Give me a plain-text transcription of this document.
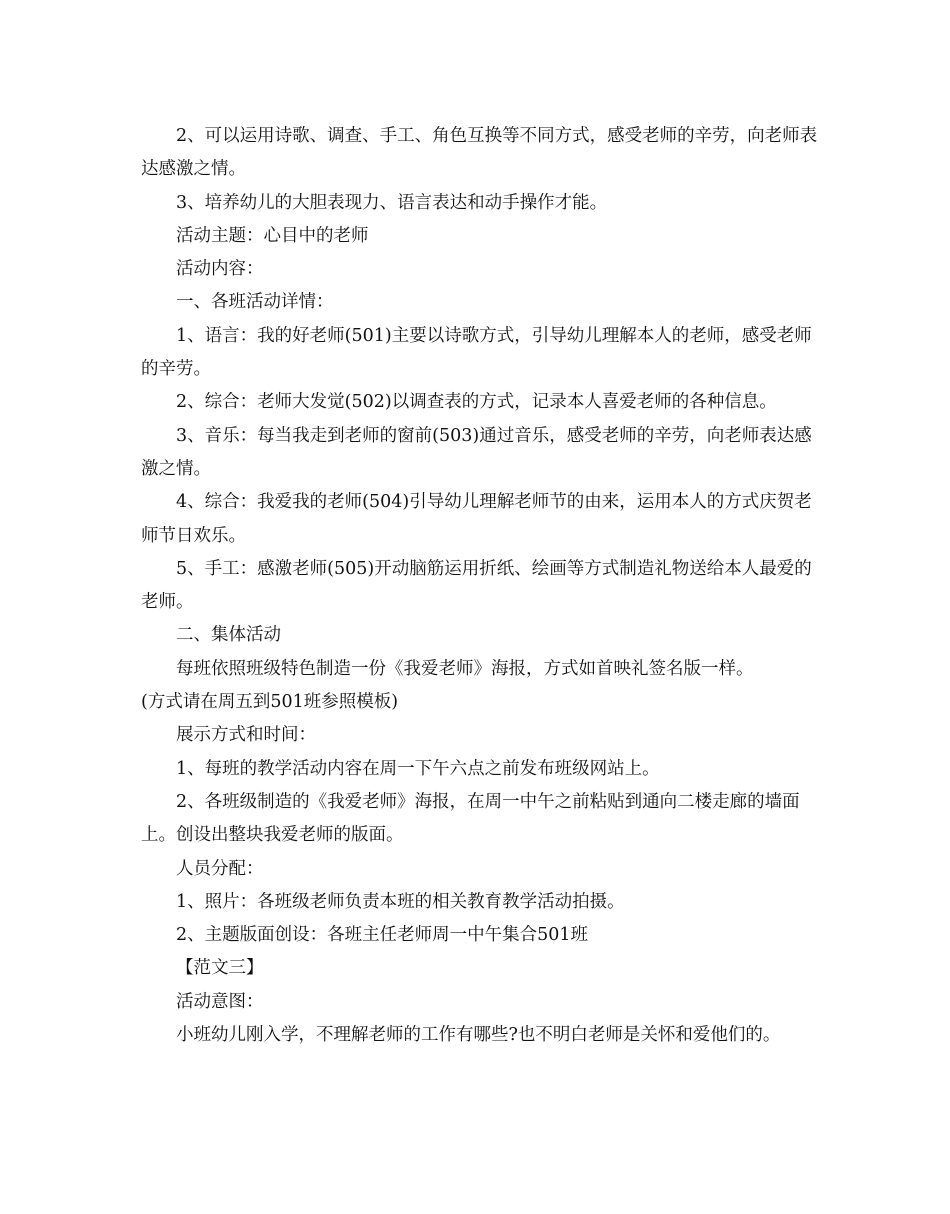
2、可以运用诗歌、调查、手工、角色互换等不同方式，感受老师的辛劳，向老师表达感激之情。

3、培养幼儿的大胆表现力、语言表达和动手操作才能。

活动主题：心目中的老师

活动内容：

一、各班活动详情：

1、语言：我的好老师(501)主要以诗歌方式，引导幼儿理解本人的老师，感受老师的辛劳。

2、综合：老师大发觉(502)以调查表的方式，记录本人喜爱老师的各种信息。

3、音乐：每当我走到老师的窗前(503)通过音乐，感受老师的辛劳，向老师表达感激之情。

4、综合：我爱我的老师(504)引导幼儿理解老师节的由来，运用本人的方式庆贺老师节日欢乐。

5、手工：感激老师(505)开动脑筋运用折纸、绘画等方式制造礼物送给本人最爱的老师。

二、集体活动

每班依照班级特色制造一份《我爱老师》海报，方式如首映礼签名版一样。

(方式请在周五到501班参照模板)

展示方式和时间：

1、每班的教学活动内容在周一下午六点之前发布班级网站上。

2、各班级制造的《我爱老师》海报，在周一中午之前粘贴到通向二楼走廊的墙面上。创设出整块我爱老师的版面。

人员分配：

1、照片：各班级老师负责本班的相关教育教学活动拍摄。

2、主题版面创设：各班主任老师周一中午集合501班

【范文三】

活动意图：

小班幼儿刚入学，不理解老师的工作有哪些?也不明白老师是关怀和爱他们的。
